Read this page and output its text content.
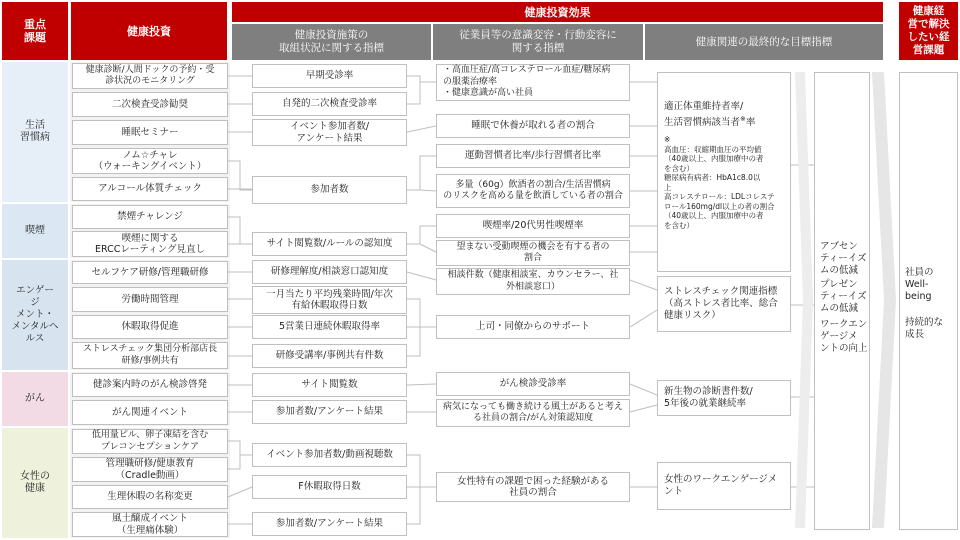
重点
課題	健康投資
健康投資効果
健康投資施策の
取組状況に関する指標
従業員等の意識変容・行動変容に
関する指標
健康関連の最終的な目標指標
健康経
営で解決
したい経
営課題
生活
習慣病
喫煙
エンゲー
ジ
メント・
メンタルヘ
ルス
がん
女性の
健康
健康診断/人間ドックの予約・受
診状況のモニタリング
二次検査受診勧奨
睡眠セミナー
ノム☆チャレ
（ウォーキングイベント）
アルコール体質チェック
禁煙チャレンジ
喫煙に関する
ERCCレーティング見直し
セルフケア研修/管理職研修
労働時間管理
休暇取得促進
ストレスチェック集団分析部店長
研修/事例共有
健診案内時のがん検診啓発
がん関連イベント
低用量ピル、卵子凍結を含む
プレコンセプションケア
管理職研修/健康教育
（Cradle動画）
生理休暇の名称変更
風土醸成イベント
（生理痛体験）
早期受診率
自発的二次検査受診率
イベント参加者数/
アンケート結果
参加者数
サイト閲覧数/ルールの認知度
研修理解度/相談窓口認知度
一月当たり平均残業時間/年次
有給休暇取得日数
5営業日連続休暇取得率
研修受講率/事例共有件数
サイト閲覧数
参加者数/アンケート結果
イベント参加者数/動画視聴数
F休暇取得日数
参加者数/アンケート結果
・高血圧症/高コレステロール血症/糖尿病
の服薬治療率
・健康意識が高い社員
睡眠で休養が取れる者の割合
運動習慣者比率/歩行習慣者比率
多量（60g）飲酒者の割合/生活習慣病
のリスクを高める量を飲酒している者の割合
喫煙率/20代男性喫煙率
望まない受動喫煙の機会を有する者の
割合
相談件数（健康相談室、カウンセラー、社
外相談窓口）
上司・同僚からのサポート
がん検診受診率
病気になっても働き続ける風土があると考え
る社員の割合/がん対策認知度
女性特有の課題で困った経験がある
社員の割合
適正体重維持者率/
生活習慣病該当者※率
※
高血圧：収縮期血圧の平均値
（40歳以上、内服加療中の者
を含む）
糖尿病有病者：HbA1c8.0以
上
高コレステロール：LDLコレステ
ロール160mg/dl以上の者の割合
（40歳以上、内服加療中の者
を含む）
ストレスチェック関連指標
（高ストレス者比率、総合
健康リスク）
新生物の診断書件数/
5年後の就業継続率
女性のワークエンゲージメント
アブセン
ティーイズ
ムの低減
プレゼン
ティーイズ
ムの低減
ワークエン
ゲージメ
ントの向上
社員の
Well-
being
持続的な
成長
